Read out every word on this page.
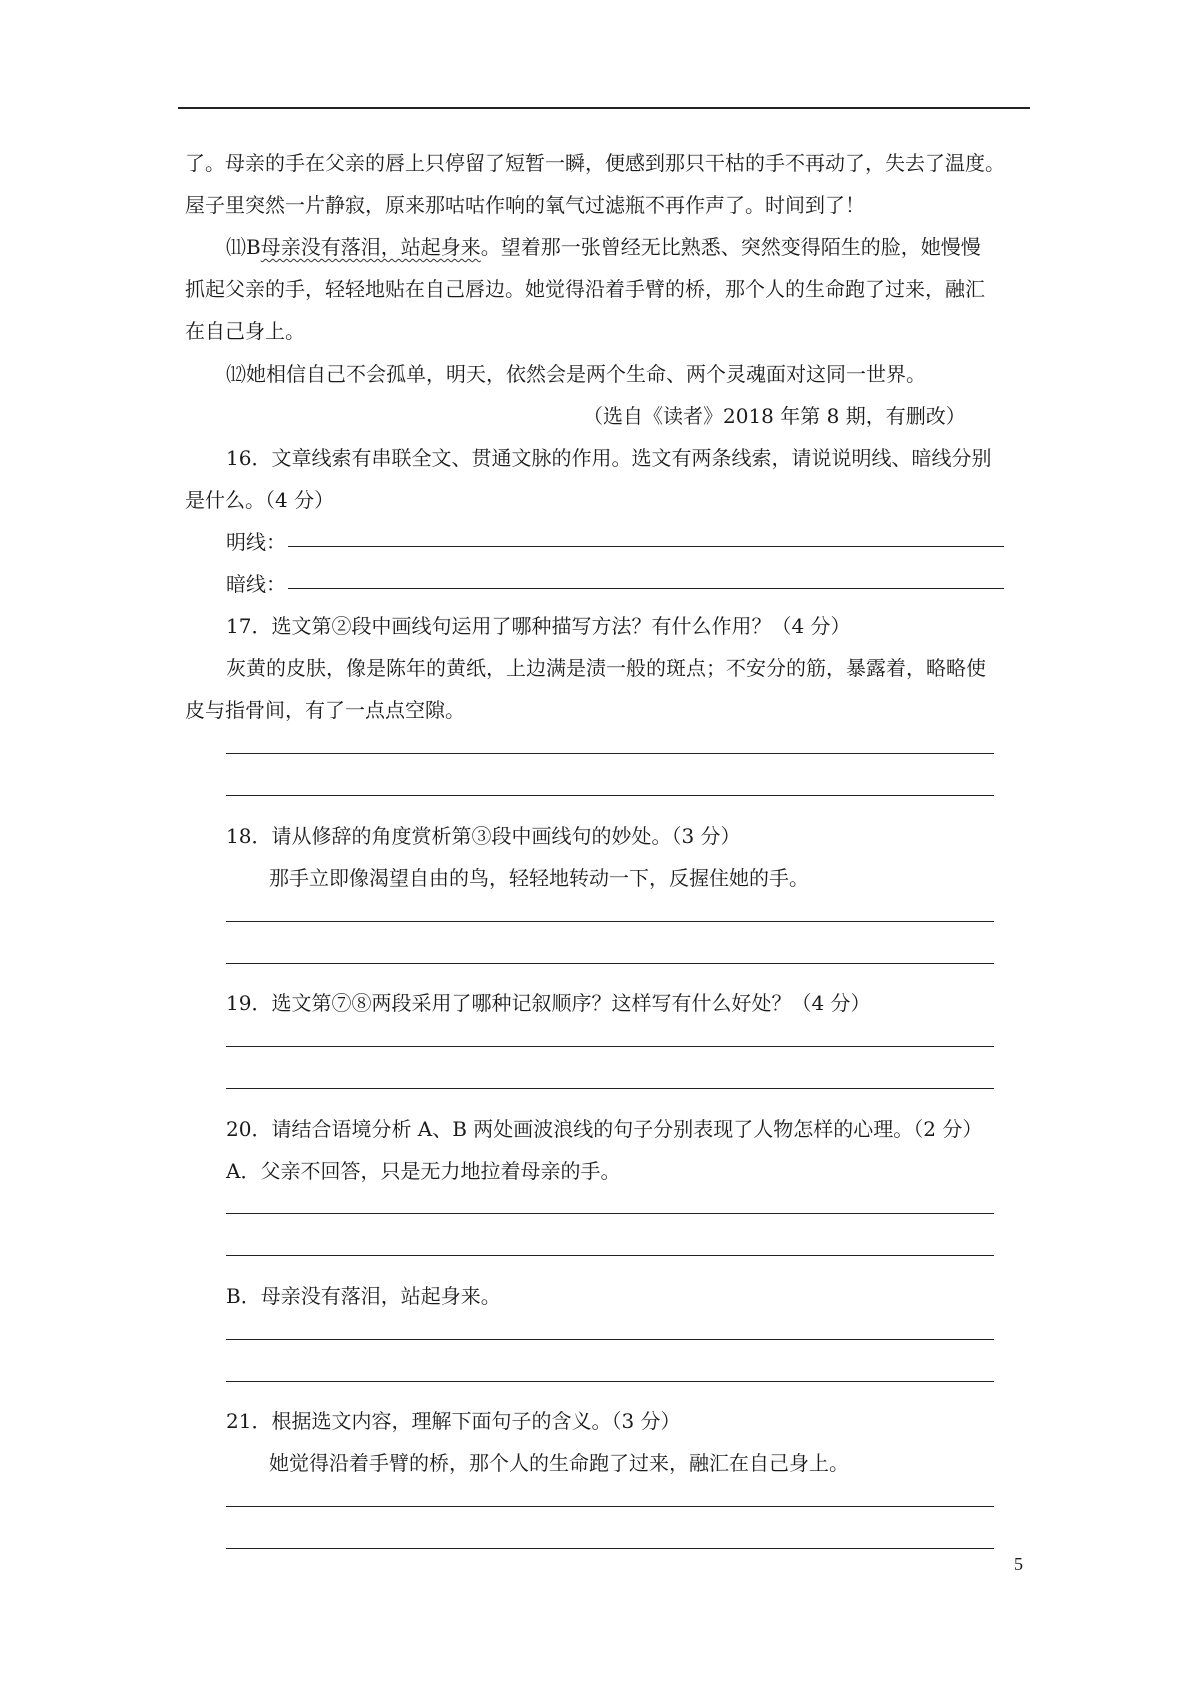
了。母亲的手在父亲的唇上只停留了短暂一瞬，便感到那只干枯的手不再动了，失去了温度。
屋子里突然一片静寂，原来那咕咕作响的氧气过滤瓶不再作声了。时间到了！
⑾B母亲没有落泪，站起身来。望着那一张曾经无比熟悉、突然变得陌生的脸，她慢慢
抓起父亲的手，轻轻地贴在自己唇边。她觉得沿着手臂的桥，那个人的生命跑了过来，融汇
在自己身上。
⑿她相信自己不会孤单，明天，依然会是两个生命、两个灵魂面对这同一世界。
（选自《读者》2018 年第 8 期，有删改）
16．文章线索有串联全文、贯通文脉的作用。选文有两条线索，请说说明线、暗线分别
是什么。（4 分）
明线：
暗线：
17．选文第②段中画线句运用了哪种描写方法？有什么作用？（4 分）
灰黄的皮肤，像是陈年的黄纸，上边满是渍一般的斑点；不安分的筋，暴露着，略略使
皮与指骨间，有了一点点空隙。
18．请从修辞的角度赏析第③段中画线句的妙处。（3 分）
那手立即像渴望自由的鸟，轻轻地转动一下，反握住她的手。
19．选文第⑦⑧两段采用了哪种记叙顺序？这样写有什么好处？（4 分）
20．请结合语境分析 A、B 两处画波浪线的句子分别表现了人物怎样的心理。（2 分）
A．父亲不回答，只是无力地拉着母亲的手。
B．母亲没有落泪，站起身来。
21．根据选文内容，理解下面句子的含义。（3 分）
她觉得沿着手臂的桥，那个人的生命跑了过来，融汇在自己身上。
5
